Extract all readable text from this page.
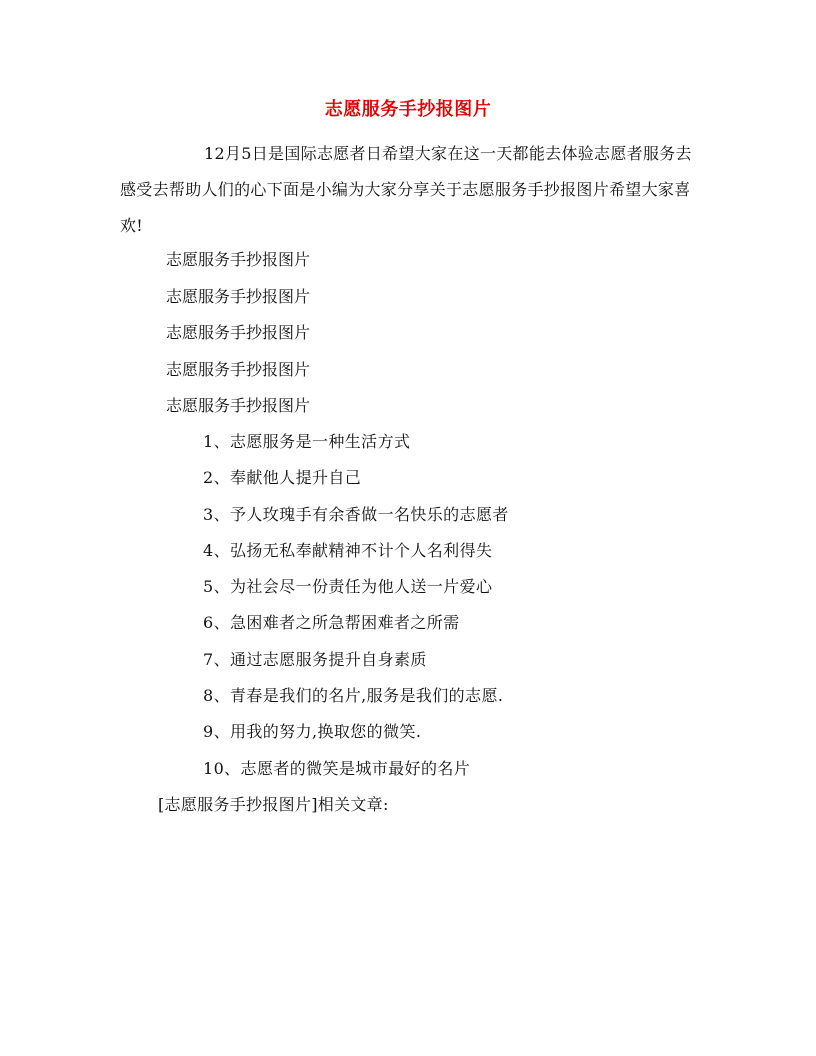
志愿服务手抄报图片
12月5日是国际志愿者日希望大家在这一天都能去体验志愿者服务去感受去帮助人们的心下面是小编为大家分享关于志愿服务手抄报图片希望大家喜欢!
志愿服务手抄报图片
志愿服务手抄报图片
志愿服务手抄报图片
志愿服务手抄报图片
志愿服务手抄报图片
1、志愿服务是一种生活方式
2、奉献他人提升自己
3、予人玫瑰手有余香做一名快乐的志愿者
4、弘扬无私奉献精神不计个人名利得失
5、为社会尽一份责任为他人送一片爱心
6、急困难者之所急帮困难者之所需
7、通过志愿服务提升自身素质
8、青春是我们的名片,服务是我们的志愿.
9、用我的努力,换取您的微笑.
10、志愿者的微笑是城市最好的名片
[志愿服务手抄报图片]相关文章:
